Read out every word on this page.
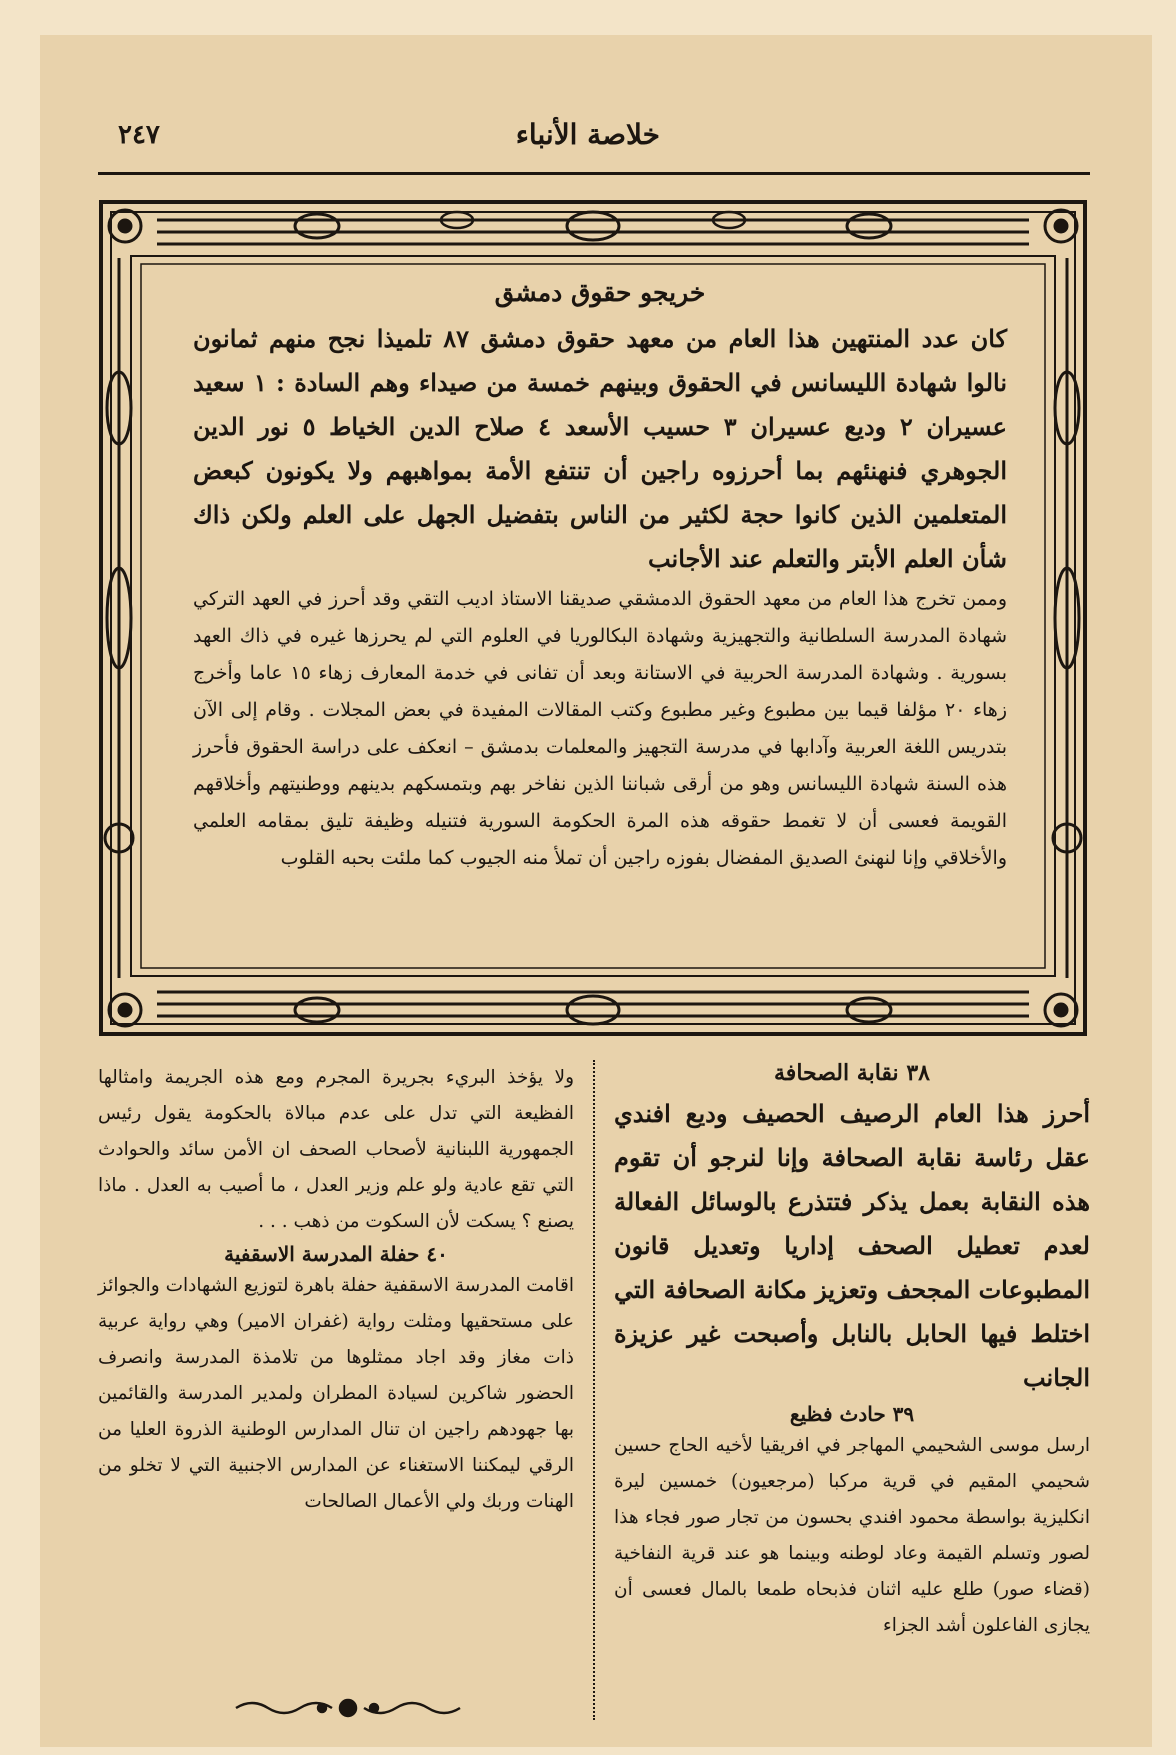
خلاصة الأنباء
٢٤٧
خريجو حقوق دمشق

كان عدد المنتهين هذا العام من معهد حقوق دمشق ٨٧ تلميذا نجح منهم ثمانون نالوا شهادة الليسانس في الحقوق وبينهم خمسة من صيداء وهم السادة : ١ سعيد عسيران ٢ وديع عسيران ٣ حسيب الأسعد ٤ صلاح الدين الخياط ٥ نور الدين الجوهري فنهنئهم بما أحرزوه راجين أن تنتفع الأمة بمواهبهم ولا يكونون كبعض المتعلمين الذين كانوا حجة لكثير من الناس بتفضيل الجهل على العلم ولكن ذاك شأن العلم الأبتر والتعلم عند الأجانب

وممن تخرج هذا العام من معهد الحقوق الدمشقي صديقنا الاستاذ اديب التقي وقد أحرز في العهد التركي شهادة المدرسة السلطانية والتجهيزية وشهادة البكالوريا في العلوم التي لم يحرزها غيره في ذاك العهد بسورية . وشهادة المدرسة الحربية في الاستانة وبعد أن تفانى في خدمة المعارف زهاء ١٥ عاما وأخرج زهاء ٢٠ مؤلفا قيما بين مطبوع وغير مطبوع وكتب المقالات المفيدة في بعض المجلات . وقام إلى الآن بتدريس اللغة العربية وآدابها في مدرسة التجهيز والمعلمات بدمشق – انعكف على دراسة الحقوق فأحرز هذه السنة شهادة الليسانس وهو من أرقى شباننا الذين نفاخر بهم وبتمسكهم بدينهم ووطنيتهم وأخلاقهم القويمة فعسى أن لا تغمط حقوقه هذه المرة الحكومة السورية فتنيله وظيفة تليق بمقامه العلمي والأخلاقي وإنا لنهنئ الصديق المفضال بفوزه راجين أن تملأ منه الجيوب كما ملئت بحبه القلوب

٣٨ نقابة الصحافة

أحرز هذا العام الرصيف الحصيف وديع افندي عقل رئاسة نقابة الصحافة وإنا لنرجو أن تقوم هذه النقابة بعمل يذكر فتتذرع بالوسائل الفعالة لعدم تعطيل الصحف إداريا وتعديل قانون المطبوعات المجحف وتعزيز مكانة الصحافة التي اختلط فيها الحابل بالنابل وأصبحت غير عزيزة الجانب

٣٩ حادث فظيع

ارسل موسى الشحيمي المهاجر في افريقيا لأخيه الحاج حسين شحيمي المقيم في قرية مركبا (مرجعيون) خمسين ليرة انكليزية بواسطة محمود افندي بحسون من تجار صور فجاء هذا لصور وتسلم القيمة وعاد لوطنه وبينما هو عند قرية النفاخية (قضاء صور) طلع عليه اثنان فذبحاه طمعا بالمال فعسى أن يجازى الفاعلون أشد الجزاء

ولا يؤخذ البريء بجريرة المجرم ومع هذه الجريمة وامثالها الفظيعة التي تدل على عدم مبالاة بالحكومة يقول رئيس الجمهورية اللبنانية لأصحاب الصحف ان الأمن سائد والحوادث التي تقع عادية ولو علم وزير العدل ، ما أصيب به العدل . ماذا يصنع ؟ يسكت لأن السكوت من ذهب . . .

٤٠ حفلة المدرسة الاسقفية

اقامت المدرسة الاسقفية حفلة باهرة لتوزيع الشهادات والجوائز على مستحقيها ومثلت رواية (غفران الامير) وهي رواية عربية ذات مغاز وقد اجاد ممثلوها من تلامذة المدرسة وانصرف الحضور شاكرين لسيادة المطران ولمدير المدرسة والقائمين بها جهودهم راجين ان تنال المدارس الوطنية الذروة العليا من الرقي ليمكننا الاستغناء عن المدارس الاجنبية التي لا تخلو من الهنات وربك ولي الأعمال الصالحات
